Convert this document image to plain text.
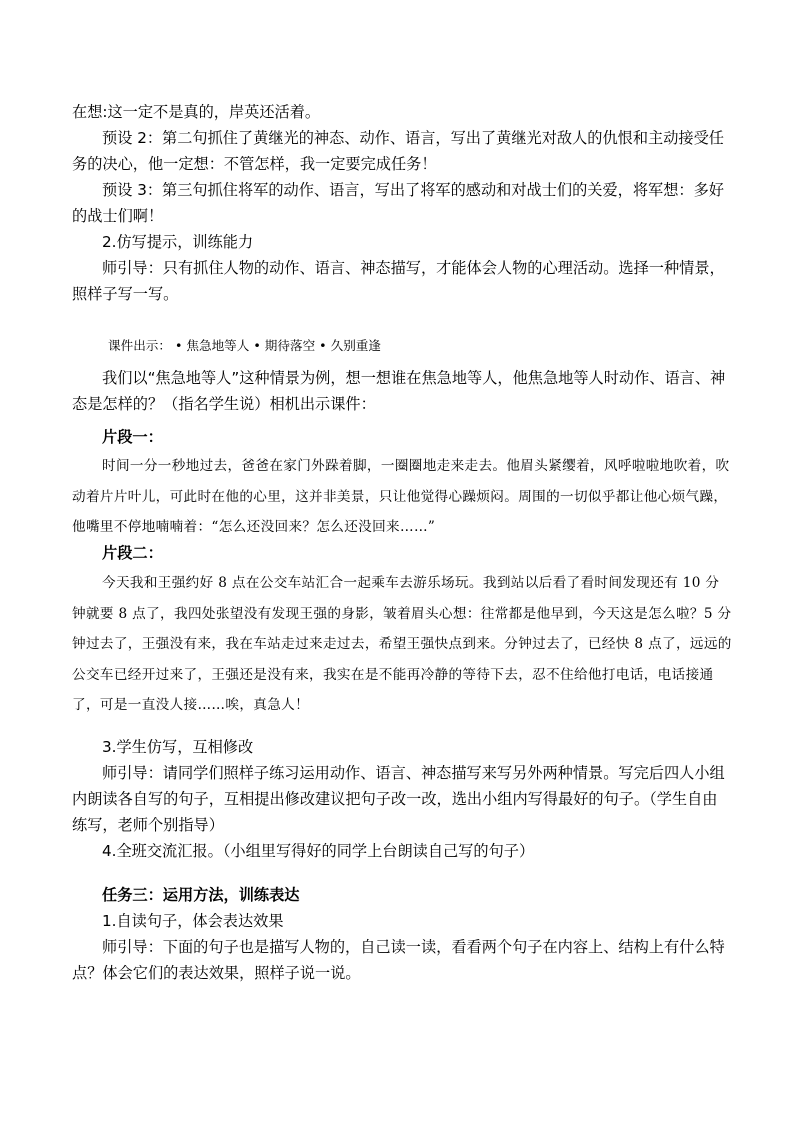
在想:这一定不是真的，岸英还活着。

预设 2：第二句抓住了黄继光的神态、动作、语言，写出了黄继光对敌人的仇恨和主动接受任务的决心，他一定想：不管怎样，我一定要完成任务！

预设 3：第三句抓住将军的动作、语言，写出了将军的感动和对战士们的关爱，将军想：多好的战士们啊！

2.仿写提示，训练能力

师引导：只有抓住人物的动作、语言、神态描写，才能体会人物的心理活动。选择一种情景，照样子写一写。

课件出示： • 焦急地等人 • 期待落空 • 久别重逢

我们以“焦急地等人”这种情景为例，想一想谁在焦急地等人，他焦急地等人时动作、语言、神态是怎样的？（指名学生说）相机出示课件：

片段一：

时间一分一秒地过去，爸爸在家门外跺着脚，一圈圈地走来走去。他眉头紧缨着，风呼啦啦地吹着，吹动着片片叶儿，可此时在他的心里，这并非美景，只让他觉得心躁烦闷。周围的一切似乎都让他心烦气躁，他嘴里不停地喃喃着：“怎么还没回来？怎么还没回来……”

片段二：

今天我和王强约好 8 点在公交车站汇合一起乘车去游乐场玩。我到站以后看了看时间发现还有 10 分钟就要 8 点了，我四处张望没有发现王强的身影，皱着眉头心想：往常都是他早到，今天这是怎么啦？5 分钟过去了，王强没有来，我在车站走过来走过去，希望王强快点到来。分钟过去了，已经快 8 点了，远远的公交车已经开过来了，王强还是没有来，我实在是不能再冷静的等待下去，忍不住给他打电话，电话接通了，可是一直没人接……唉，真急人！

3.学生仿写，互相修改

师引导：请同学们照样子练习运用动作、语言、神态描写来写另外两种情景。写完后四人小组内朗读各自写的句子，互相提出修改建议把句子改一改，选出小组内写得最好的句子。（学生自由练写，老师个别指导）

4.全班交流汇报。（小组里写得好的同学上台朗读自己写的句子）

任务三：运用方法，训练表达

1.自读句子，体会表达效果

师引导：下面的句子也是描写人物的，自己读一读，看看两个句子在内容上、结构上有什么特点？体会它们的表达效果，照样子说一说。
